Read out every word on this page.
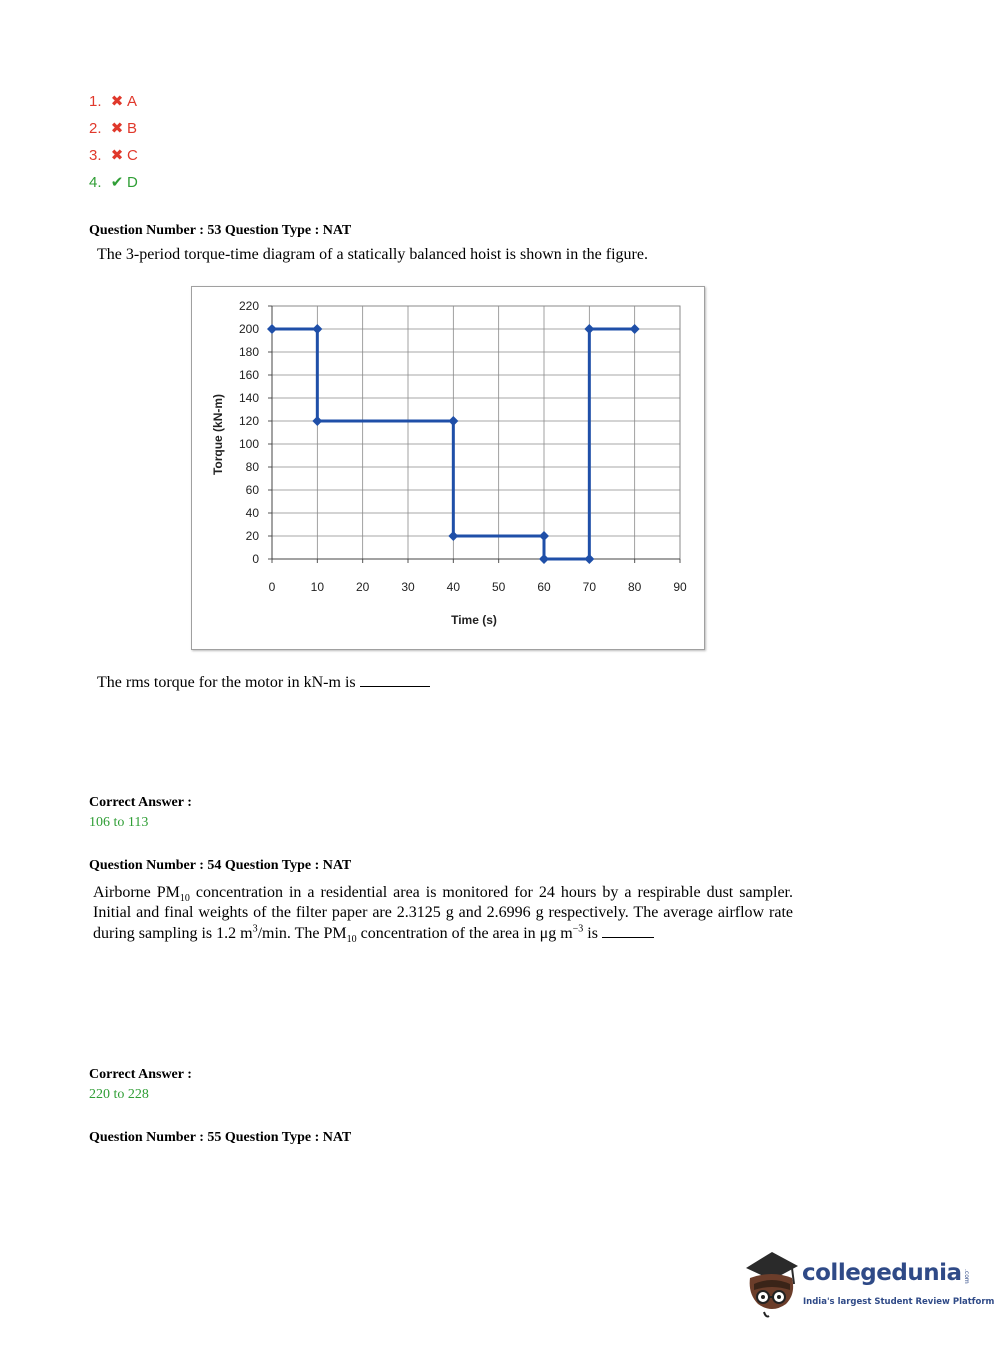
1. ✖ A
2. ✖ B
3. ✖ C
4. ✔ D
Question Number : 53 Question Type : NAT
The 3-period torque-time diagram of a statically balanced hoist is shown in the figure.
0
20
40
60
80
100
120
140
160
180
200
220
0	10	20	30	40	50	60	70	80	90
Time (s)
Torque (kN-m)
The rms torque for the motor in kN-m is
Correct Answer :
106 to 113
Question Number : 54 Question Type : NAT
Airborne $PM_{10}$ concentration in a residential area is monitored for 24 hours by a respirable dust sampler. Initial and final weights of the filter paper are 2.3125 g and 2.6996 g respectively. The average airflow rate during sampling is 1.2 $m^3/\min$. The $PM_{10}$ concentration of the area in μg $m^{-3}$ is
Correct Answer :
220 to 228
Question Number : 55 Question Type : NAT
collegedunia .com
India's largest Student Review Platform
